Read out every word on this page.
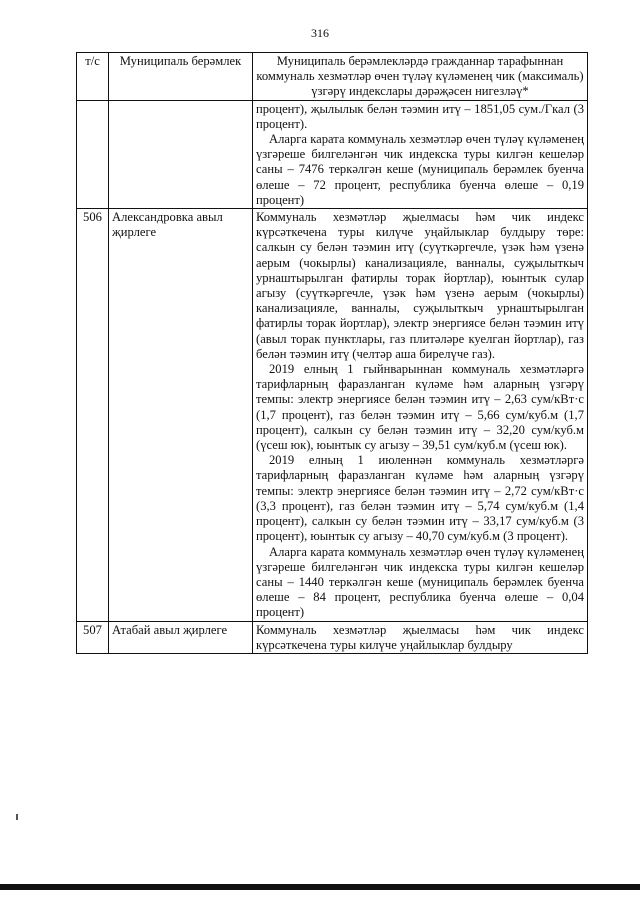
316
т/с	Муниципаль берәмлек	Муниципаль берәмлекләрдә гражданнар тарафыннан коммуналь хезмәтләр өчен түләү күләменең чик (максималь) үзгәрү индекслары дәрәҗәсен нигезләү*

		процент), җылылык белән тәэмин итү – 1851,05 сум./Гкал (3 процент).

Аларга карата коммуналь хезмәтләр өчен түләү күләменең үзгәреше билгеләнгән чик индекска туры килгән кешеләр саны – 7476 теркәлгән кеше (муниципаль берәмлек буенча өлеше – 72 процент, республика буенча өлеше – 0,19 процент)

506	Александровка авыл җирлеге	Коммуналь хезмәтләр җыелмасы һәм чик индекс күрсәткечена туры килүче уңайлыклар булдыру төре: салкын су белән тәэмин итү (суүткәргечле, үзәк һәм үзенә аерым (чокырлы) канализацияле, ванналы, суҗылыткыч урнаштырылган фатирлы торак йортлар), юынтык сулар агызу (суүткәргечле, үзәк һәм үзенә аерым (чокырлы) канализацияле, ванналы, суҗылыткыч урнаштырылган фатирлы торак йортлар), электр энергиясе белән тәэмин итү (авыл торак пунктлары, газ плитәләре куелган йортлар), газ белән тәэмин итү (челтәр аша бирелүче газ).

2019 елның 1 гыйнварыннан коммуналь хезмәтләргә тарифларның фаразланган күләме һәм аларның үзгәрү темпы: электр энергиясе белән тәэмин итү – 2,63 сум/кВт·с (1,7 процент), газ белән тәэмин итү – 5,66 сум/куб.м (1,7 процент), салкын су белән тәэмин итү – 32,20 сум/куб.м (үсеш юк), юынтык су агызу – 39,51 сум/куб.м (үсеш юк).

2019 елның 1 июленнән коммуналь хезмәтләргә тарифларның фаразланган күләме һәм аларның үзгәрү темпы: электр энергиясе белән тәэмин итү – 2,72 сум/кВт·с (3,3 процент), газ белән тәэмин итү – 5,74 сум/куб.м (1,4 процент), салкын су белән тәэмин итү – 33,17 сум/куб.м (3 процент), юынтык су агызу – 40,70 сум/куб.м (3 процент).

Аларга карата коммуналь хезмәтләр өчен түләү күләменең үзгәреше билгеләнгән чик индекска туры килгән кешеләр саны – 1440 теркәлгән кеше (муниципаль берәмлек буенча өлеше – 84 процент, республика буенча өлеше – 0,04 процент)

507	Атабай авыл җирлеге	Коммуналь хезмәтләр җыелмасы һәм чик индекс күрсәткечена туры килүче уңайлыклар булдыру
